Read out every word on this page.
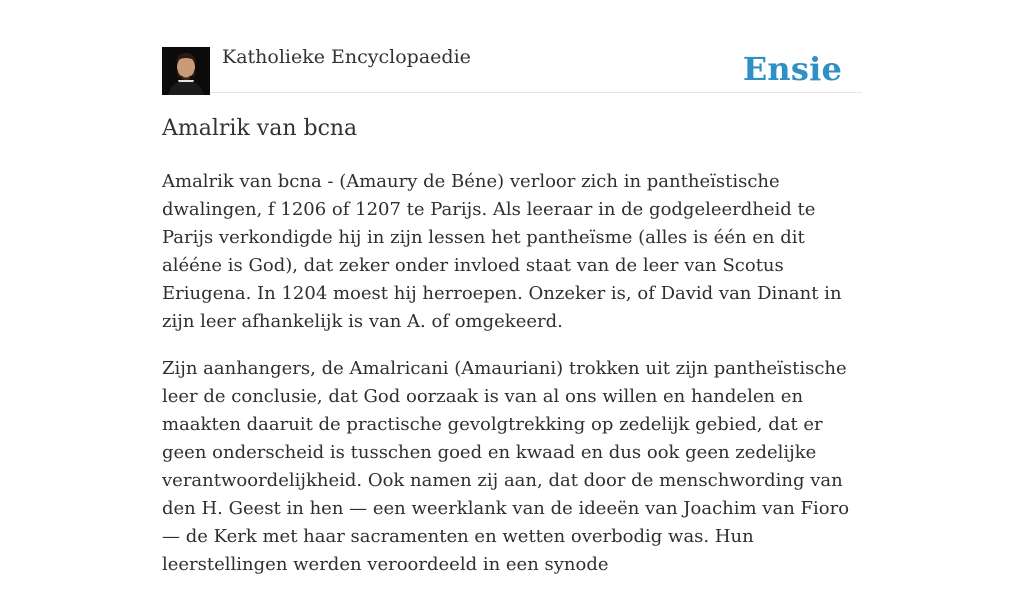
Katholieke Encyclopaedie	Ensie
Amalrik van bcna

Amalrik van bcna - (Amaury de Béne) verloor zich in pantheïstische dwalingen, f 1206 of 1207 te Parijs. Als leeraar in de godgeleerdheid te Parijs verkondigde hij in zijn lessen het pantheïsme (alles is één en dit alééne is God), dat zeker onder invloed staat van de leer van Scotus Eriugena. In 1204 moest hij herroepen. Onzeker is, of David van Dinant in zijn leer afhankelijk is van A. of omgekeerd.

Zijn aanhangers, de Amalricani (Amauriani) trokken uit zijn pantheïstische leer de conclusie, dat God oorzaak is van al ons willen en handelen en maakten daaruit de practische gevolgtrekking op zedelijk gebied, dat er geen onderscheid is tusschen goed en kwaad en dus ook geen zedelijke verantwoordelijkheid. Ook namen zij aan, dat door de menschwording van den H. Geest in hen — een weerklank van de ideeën van Joachim van Fioro — de Kerk met haar sacramenten en wetten overbodig was. Hun leerstellingen werden veroordeeld in een synode
